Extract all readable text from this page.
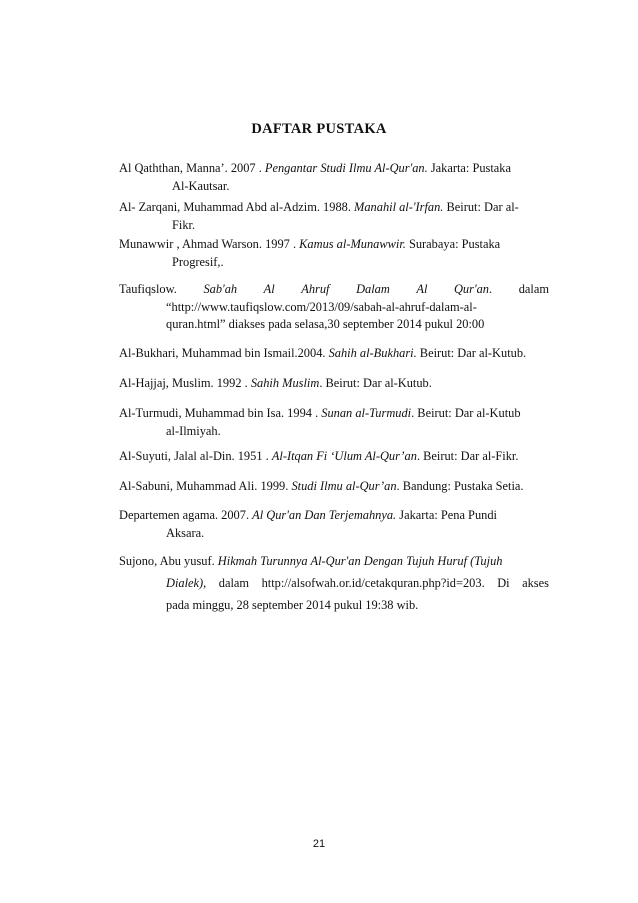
DAFTAR PUSTAKA
Al Qaththan, Manna’. 2007 . Pengantar Studi Ilmu Al-Qur'an. Jakarta: Pustaka
Al-Kautsar.
Al- Zarqani, Muhammad Abd al-Adzim. 1988. Manahil al-'Irfan. Beirut: Dar al-
Fikr.
Munawwir , Ahmad Warson. 1997 . Kamus al-Munawwir. Surabaya: Pustaka
Progresif,.
Taufiqslow. Sab'ah Al Ahruf Dalam Al Qur'an. dalam
“http://www.taufiqslow.com/2013/09/sabah-al-ahruf-dalam-al-
quran.html” diakses pada selasa,30 september 2014 pukul 20:00
Al-Bukhari, Muhammad bin Ismail.2004. Sahih al-Bukhari. Beirut: Dar al-Kutub.
Al-Hajjaj, Muslim. 1992 . Sahih Muslim. Beirut: Dar al-Kutub.
Al-Turmudi, Muhammad bin Isa. 1994 . Sunan al-Turmudi. Beirut: Dar al-Kutub
al-Ilmiyah.
Al-Suyuti, Jalal al-Din. 1951 . Al-Itqan Fi ‘Ulum Al-Qur’an. Beirut: Dar al-Fikr.
Al-Sabuni, Muhammad Ali. 1999. Studi Ilmu al-Qur’an. Bandung: Pustaka Setia.
Departemen agama. 2007. Al Qur'an Dan Terjemahnya. Jakarta: Pena Pundi
Aksara.
Sujono, Abu yusuf. Hikmah Turunnya Al-Qur'an Dengan Tujuh Huruf (Tujuh
Dialek), dalam http://alsofwah.or.id/cetakquran.php?id=203. Di akses
pada minggu, 28 september 2014 pukul 19:38 wib.
21
